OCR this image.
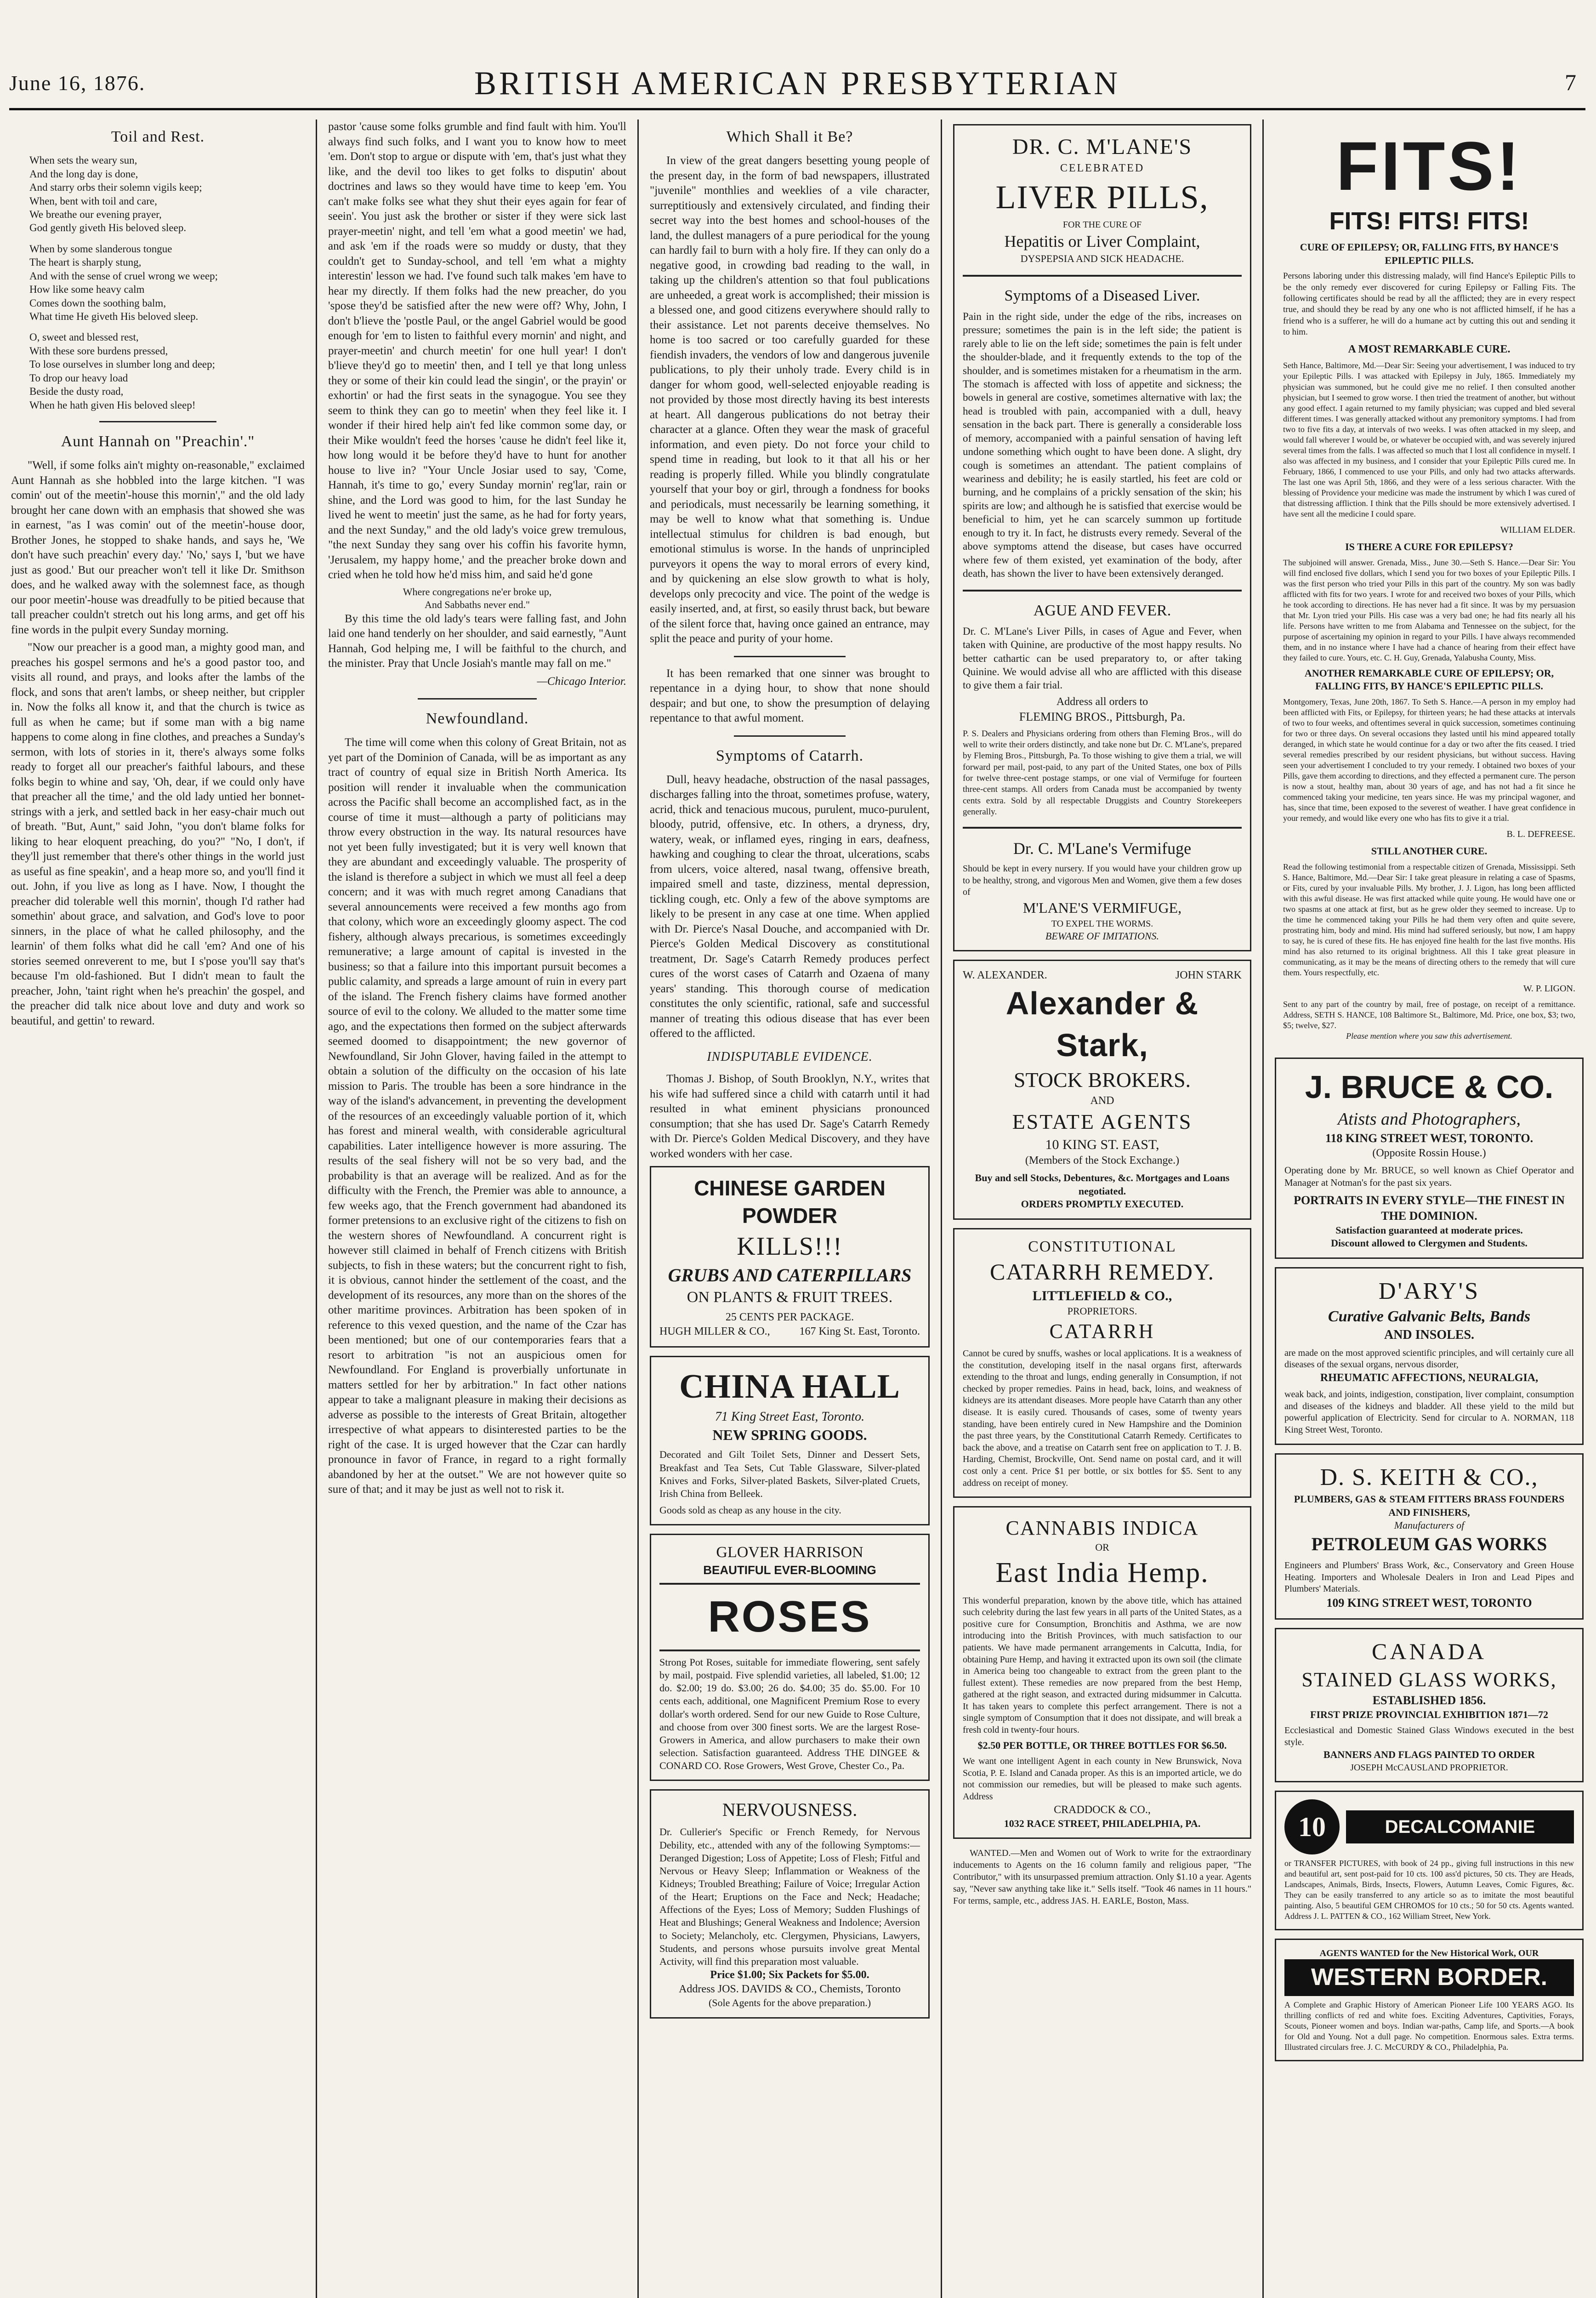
June 16, 1876.	BRITISH AMERICAN PRESBYTERIAN	7
Toil and Rest.

When sets the weary sun,

And the long day is done,

And starry orbs their solemn vigils keep;

When, bent with toil and care,

We breathe our evening prayer,

God gently giveth His beloved sleep.

When by some slanderous tongue

The heart is sharply stung,

And with the sense of cruel wrong we weep;

How like some heavy calm

Comes down the soothing balm,

What time He giveth His beloved sleep.

O, sweet and blessed rest,

With these sore burdens pressed,

To lose ourselves in slumber long and deep;

To drop our heavy load

Beside the dusty road,

When he hath given His beloved sleep!

Aunt Hannah on "Preachin'."

"Well, if some folks ain't mighty on-reasonable," exclaimed Aunt Hannah as she hobbled into the large kitchen. "I was comin' out of the meetin'-house this mornin'," and the old lady brought her cane down with an emphasis that showed she was in earnest, "as I was comin' out of the meetin'-house door, Brother Jones, he stopped to shake hands, and says he, 'We don't have such preachin' every day.' 'No,' says I, 'but we have just as good.' But our preacher won't tell it like Dr. Smithson does, and he walked away with the solemnest face, as though our poor meetin'-house was dreadfully to be pitied because that tall preacher couldn't stretch out his long arms, and get off his fine words in the pulpit every Sunday morning.

"Now our preacher is a good man, a mighty good man, and preaches his gospel sermons and he's a good pastor too, and visits all round, and prays, and looks after the lambs of the flock, and sons that aren't lambs, or sheep neither, but crippler in. Now the folks all know it, and that the church is twice as full as when he came; but if some man with a big name happens to come along in fine clothes, and preaches a Sunday's sermon, with lots of stories in it, there's always some folks ready to forget all our preacher's faithful labours, and these folks begin to whine and say, 'Oh, dear, if we could only have that preacher all the time,' and the old lady untied her bonnet-strings with a jerk, and settled back in her easy-chair much out of breath. "But, Aunt," said John, "you don't blame folks for liking to hear eloquent preaching, do you?" "No, I don't, if they'll just remember that there's other things in the world just as useful as fine speakin', and a heap more so, and you'll find it out. John, if you live as long as I have. Now, I thought the preacher did tolerable well this mornin', though I'd rather had somethin' about grace, and salvation, and God's love to poor sinners, in the place of what he called philosophy, and the learnin' of them folks what did he call 'em? And one of his stories seemed onreverent to me, but I s'pose you'll say that's because I'm old-fashioned. But I didn't mean to fault the preacher, John, 'taint right when he's preachin' the gospel, and the preacher did talk nice about love and duty and work so beautiful, and gettin' to reward.

pastor 'cause some folks grumble and find fault with him. You'll always find such folks, and I want you to know how to meet 'em. Don't stop to argue or dispute with 'em, that's just what they like, and the devil too likes to get folks to disputin' about doctrines and laws so they would have time to keep 'em. You can't make folks see what they shut their eyes again for fear of seein'. You just ask the brother or sister if they were sick last prayer-meetin' night, and tell 'em what a good meetin' we had, and ask 'em if the roads were so muddy or dusty, that they couldn't get to Sunday-school, and tell 'em what a mighty interestin' lesson we had. I've found such talk makes 'em have to hear my directly. If them folks had the new preacher, do you 'spose they'd be satisfied after the new were off? Why, John, I don't b'lieve the 'postle Paul, or the angel Gabriel would be good enough for 'em to listen to faithful every mornin' and night, and prayer-meetin' and church meetin' for one hull year! I don't b'lieve they'd go to meetin' then, and I tell ye that long unless they or some of their kin could lead the singin', or the prayin' or exhortin' or had the first seats in the synagogue. You see they seem to think they can go to meetin' when they feel like it. I wonder if their hired help ain't fed like common some day, or their Mike wouldn't feed the horses 'cause he didn't feel like it, how long would it be before they'd have to hunt for another house to live in? "Your Uncle Josiar used to say, 'Come, Hannah, it's time to go,' every Sunday mornin' reg'lar, rain or shine, and the Lord was good to him, for the last Sunday he lived he went to meetin' just the same, as he had for forty years, and the next Sunday," and the old lady's voice grew tremulous, "the next Sunday they sang over his coffin his favorite hymn, 'Jerusalem, my happy home,' and the preacher broke down and cried when he told how he'd miss him, and said he'd gone

Where congregations ne'er broke up,

And Sabbaths never end."

By this time the old lady's tears were falling fast, and John laid one hand tenderly on her shoulder, and said earnestly, "Aunt Hannah, God helping me, I will be faithful to the church, and the minister. Pray that Uncle Josiah's mantle may fall on me."

—Chicago Interior.

Newfoundland.

The time will come when this colony of Great Britain, not as yet part of the Dominion of Canada, will be as important as any tract of country of equal size in British North America. Its position will render it invaluable when the communication across the Pacific shall become an accomplished fact, as in the course of time it must—although a party of politicians may throw every obstruction in the way. Its natural resources have not yet been fully investigated; but it is very well known that they are abundant and exceedingly valuable. The prosperity of the island is therefore a subject in which we must all feel a deep concern; and it was with much regret among Canadians that several announcements were received a few months ago from that colony, which wore an exceedingly gloomy aspect. The cod fishery, although always precarious, is sometimes exceedingly remunerative; a large amount of capital is invested in the business; so that a failure into this important pursuit becomes a public calamity, and spreads a large amount of ruin in every part of the island. The French fishery claims have formed another source of evil to the colony. We alluded to the matter some time ago, and the expectations then formed on the subject afterwards seemed doomed to disappointment; the new governor of Newfoundland, Sir John Glover, having failed in the attempt to obtain a solution of the difficulty on the occasion of his late mission to Paris. The trouble has been a sore hindrance in the way of the island's advancement, in preventing the development of the resources of an exceedingly valuable portion of it, which has forest and mineral wealth, with considerable agricultural capabilities. Later intelligence however is more assuring. The results of the seal fishery will not be so very bad, and the probability is that an average will be realized. And as for the difficulty with the French, the Premier was able to announce, a few weeks ago, that the French government had abandoned its former pretensions to an exclusive right of the citizens to fish on the western shores of Newfoundland. A concurrent right is however still claimed in behalf of French citizens with British subjects, to fish in these waters; but the concurrent right to fish, it is obvious, cannot hinder the settlement of the coast, and the development of its resources, any more than on the shores of the other maritime provinces. Arbitration has been spoken of in reference to this vexed question, and the name of the Czar has been mentioned; but one of our contemporaries fears that a resort to arbitration "is not an auspicious omen for Newfoundland. For England is proverbially unfortunate in matters settled for her by arbitration." In fact other nations appear to take a malignant pleasure in making their decisions as adverse as possible to the interests of Great Britain, altogether irrespective of what appears to disinterested parties to be the right of the case. It is urged however that the Czar can hardly pronounce in favor of France, in regard to a right formally abandoned by her at the outset." We are not however quite so sure of that; and it may be just as well not to risk it.

Which Shall it Be?

In view of the great dangers besetting young people of the present day, in the form of bad newspapers, illustrated "juvenile" monthlies and weeklies of a vile character, surreptitiously and extensively circulated, and finding their secret way into the best homes and school-houses of the land, the dullest managers of a pure periodical for the young can hardly fail to burn with a holy fire. If they can only do a negative good, in crowding bad reading to the wall, in taking up the children's attention so that foul publications are unheeded, a great work is accomplished; their mission is a blessed one, and good citizens everywhere should rally to their assistance. Let not parents deceive themselves. No home is too sacred or too carefully guarded for these fiendish invaders, the vendors of low and dangerous juvenile publications, to ply their unholy trade. Every child is in danger for whom good, well-selected enjoyable reading is not provided by those most directly having its best interests at heart. All dangerous publications do not betray their character at a glance. Often they wear the mask of graceful information, and even piety. Do not force your child to spend time in reading, but look to it that all his or her reading is properly filled. While you blindly congratulate yourself that your boy or girl, through a fondness for books and periodicals, must necessarily be learning something, it may be well to know what that something is. Undue intellectual stimulus for children is bad enough, but emotional stimulus is worse. In the hands of unprincipled purveyors it opens the way to moral errors of every kind, and by quickening an else slow growth to what is holy, develops only precocity and vice. The point of the wedge is easily inserted, and, at first, so easily thrust back, but beware of the silent force that, having once gained an entrance, may split the peace and purity of your home.

It has been remarked that one sinner was brought to repentance in a dying hour, to show that none should despair; and but one, to show the presumption of delaying repentance to that awful moment.

Symptoms of Catarrh.

Dull, heavy headache, obstruction of the nasal passages, discharges falling into the throat, sometimes profuse, watery, acrid, thick and tenacious mucous, purulent, muco-purulent, bloody, putrid, offensive, etc. In others, a dryness, dry, watery, weak, or inflamed eyes, ringing in ears, deafness, hawking and coughing to clear the throat, ulcerations, scabs from ulcers, voice altered, nasal twang, offensive breath, impaired smell and taste, dizziness, mental depression, tickling cough, etc. Only a few of the above symptoms are likely to be present in any case at one time. When applied with Dr. Pierce's Nasal Douche, and accompanied with Dr. Pierce's Golden Medical Discovery as constitutional treatment, Dr. Sage's Catarrh Remedy produces perfect cures of the worst cases of Catarrh and Ozaena of many years' standing. This thorough course of medication constitutes the only scientific, rational, safe and successful manner of treating this odious disease that has ever been offered to the afflicted.

INDISPUTABLE EVIDENCE.

Thomas J. Bishop, of South Brooklyn, N.Y., writes that his wife had suffered since a child with catarrh until it had resulted in what eminent physicians pronounced consumption; that she has used Dr. Sage's Catarrh Remedy with Dr. Pierce's Golden Medical Discovery, and they have worked wonders with her case.

CHINESE GARDEN POWDER
KILLS!!!
GRUBS AND CATERPILLARS
ON PLANTS & FRUIT TREES.
25 CENTS PER PACKAGE.
HUGH MILLER & CO.,	167 King St. East, Toronto.
CHINA HALL
71 King Street East, Toronto.
NEW SPRING GOODS.
Decorated and Gilt Toilet Sets, Dinner and Dessert Sets, Breakfast and Tea Sets, Cut Table Glassware, Silver-plated Knives and Forks, Silver-plated Baskets, Silver-plated Cruets, Irish China from Belleek.
Goods sold as cheap as any house in the city.
GLOVER HARRISON
BEAUTIFUL EVER-BLOOMING
ROSES
Strong Pot Roses, suitable for immediate flowering, sent safely by mail, postpaid. Five splendid varieties, all labeled, $1.00; 12 do. $2.00; 19 do. $3.00; 26 do. $4.00; 35 do. $5.00. For 10 cents each, additional, one Magnificent Premium Rose to every dollar's worth ordered. Send for our new Guide to Rose Culture, and choose from over 300 finest sorts. We are the largest Rose-Growers in America, and allow purchasers to make their own selection. Satisfaction guaranteed. Address THE DINGEE & CONARD CO. Rose Growers, West Grove, Chester Co., Pa.
NERVOUSNESS.
Dr. Cullerier's Specific or French Remedy, for Nervous Debility, etc., attended with any of the following Symptoms:—Deranged Digestion; Loss of Appetite; Loss of Flesh; Fitful and Nervous or Heavy Sleep; Inflammation or Weakness of the Kidneys; Troubled Breathing; Failure of Voice; Irregular Action of the Heart; Eruptions on the Face and Neck; Headache; Affections of the Eyes; Loss of Memory; Sudden Flushings of Heat and Blushings; General Weakness and Indolence; Aversion to Society; Melancholy, etc. Clergymen, Physicians, Lawyers, Students, and persons whose pursuits involve great Mental Activity, will find this preparation most valuable.
Price $1.00; Six Packets for $5.00.
Address JOS. DAVIDS & CO., Chemists, Toronto
(Sole Agents for the above preparation.)
DR. C. M'LANE'S
CELEBRATED
LIVER PILLS,
FOR THE CURE OF
Hepatitis or Liver Complaint,
DYSPEPSIA AND SICK HEADACHE.
Symptoms of a Diseased Liver.
Pain in the right side, under the edge of the ribs, increases on pressure; sometimes the pain is in the left side; the patient is rarely able to lie on the left side; sometimes the pain is felt under the shoulder-blade, and it frequently extends to the top of the shoulder, and is sometimes mistaken for a rheumatism in the arm. The stomach is affected with loss of appetite and sickness; the bowels in general are costive, sometimes alternative with lax; the head is troubled with pain, accompanied with a dull, heavy sensation in the back part. There is generally a considerable loss of memory, accompanied with a painful sensation of having left undone something which ought to have been done. A slight, dry cough is sometimes an attendant. The patient complains of weariness and debility; he is easily startled, his feet are cold or burning, and he complains of a prickly sensation of the skin; his spirits are low; and although he is satisfied that exercise would be beneficial to him, yet he can scarcely summon up fortitude enough to try it. In fact, he distrusts every remedy. Several of the above symptoms attend the disease, but cases have occurred where few of them existed, yet examination of the body, after death, has shown the liver to have been extensively deranged.
AGUE AND FEVER.
Dr. C. M'Lane's Liver Pills, in cases of Ague and Fever, when taken with Quinine, are productive of the most happy results. No better cathartic can be used preparatory to, or after taking Quinine. We would advise all who are afflicted with this disease to give them a fair trial.
Address all orders to
FLEMING BROS., Pittsburgh, Pa.
P. S. Dealers and Physicians ordering from others than Fleming Bros., will do well to write their orders distinctly, and take none but Dr. C. M'Lane's, prepared by Fleming Bros., Pittsburgh, Pa. To those wishing to give them a trial, we will forward per mail, post-paid, to any part of the United States, one box of Pills for twelve three-cent postage stamps, or one vial of Vermifuge for fourteen three-cent stamps. All orders from Canada must be accompanied by twenty cents extra. Sold by all respectable Druggists and Country Storekeepers generally.
Dr. C. M'Lane's Vermifuge
Should be kept in every nursery. If you would have your children grow up to be healthy, strong, and vigorous Men and Women, give them a few doses of
M'LANE'S VERMIFUGE,
TO EXPEL THE WORMS.
BEWARE OF IMITATIONS.
W. ALEXANDER.	JOHN STARK
Alexander & Stark,
STOCK BROKERS.
AND
ESTATE AGENTS
10 KING ST. EAST,
(Members of the Stock Exchange.)
Buy and sell Stocks, Debentures, &c. Mortgages and Loans negotiated.
ORDERS PROMPTLY EXECUTED.
CONSTITUTIONAL
CATARRH REMEDY.
LITTLEFIELD & CO.,
PROPRIETORS.
CATARRH
Cannot be cured by snuffs, washes or local applications. It is a weakness of the constitution, developing itself in the nasal organs first, afterwards extending to the throat and lungs, ending generally in Consumption, if not checked by proper remedies. Pains in head, back, loins, and weakness of kidneys are its attendant diseases. More people have Catarrh than any other disease. It is easily cured. Thousands of cases, some of twenty years standing, have been entirely cured in New Hampshire and the Dominion the past three years, by the Constitutional Catarrh Remedy. Certificates to back the above, and a treatise on Catarrh sent free on application to T. J. B. Harding, Chemist, Brockville, Ont. Send name on postal card, and it will cost only a cent. Price $1 per bottle, or six bottles for $5. Sent to any address on receipt of money.
CANNABIS INDICA
OR
East India Hemp.
This wonderful preparation, known by the above title, which has attained such celebrity during the last few years in all parts of the United States, as a positive cure for Consumption, Bronchitis and Asthma, we are now introducing into the British Provinces, with much satisfaction to our patients. We have made permanent arrangements in Calcutta, India, for obtaining Pure Hemp, and having it extracted upon its own soil (the climate in America being too changeable to extract from the green plant to the fullest extent). These remedies are now prepared from the best Hemp, gathered at the right season, and extracted during midsummer in Calcutta. It has taken years to complete this perfect arrangement. There is not a single symptom of Consumption that it does not dissipate, and will break a fresh cold in twenty-four hours.
$2.50 PER BOTTLE, OR THREE BOTTLES FOR $6.50.
We want one intelligent Agent in each county in New Brunswick, Nova Scotia, P. E. Island and Canada proper. As this is an imported article, we do not commission our remedies, but will be pleased to make such agents. Address
CRADDOCK & CO.,
1032 RACE STREET, PHILADELPHIA, PA.

WANTED.—Men and Women out of Work to write for the extraordinary inducements to Agents on the 16 column family and religious paper, "The Contributor," with its unsurpassed premium attraction. Only $1.10 a year. Agents say, "Never saw anything take like it." Sells itself. "Took 46 names in 11 hours." For terms, sample, etc., address JAS. H. EARLE, Boston, Mass.

FITS!
FITS! FITS! FITS!
CURE OF EPILEPSY; OR, FALLING FITS, BY HANCE'S EPILEPTIC PILLS.
Persons laboring under this distressing malady, will find Hance's Epileptic Pills to be the only remedy ever discovered for curing Epilepsy or Falling Fits. The following certificates should be read by all the afflicted; they are in every respect true, and should they be read by any one who is not afflicted himself, if he has a friend who is a sufferer, he will do a humane act by cutting this out and sending it to him.
A MOST REMARKABLE CURE.
Seth Hance, Baltimore, Md.—Dear Sir: Seeing your advertisement, I was induced to try your Epileptic Pills. I was attacked with Epilepsy in July, 1865. Immediately my physician was summoned, but he could give me no relief. I then consulted another physician, but I seemed to grow worse. I then tried the treatment of another, but without any good effect. I again returned to my family physician; was cupped and bled several different times. I was generally attacked without any premonitory symptoms. I had from two to five fits a day, at intervals of two weeks. I was often attacked in my sleep, and would fall wherever I would be, or whatever be occupied with, and was severely injured several times from the falls. I was affected so much that I lost all confidence in myself. I also was affected in my business, and I consider that your Epileptic Pills cured me. In February, 1866, I commenced to use your Pills, and only had two attacks afterwards. The last one was April 5th, 1866, and they were of a less serious character. With the blessing of Providence your medicine was made the instrument by which I was cured of that distressing affliction. I think that the Pills should be more extensively advertised. I have sent all the medicine I could spare.
WILLIAM ELDER.
IS THERE A CURE FOR EPILEPSY?
The subjoined will answer. Grenada, Miss., June 30.—Seth S. Hance.—Dear Sir: You will find enclosed five dollars, which I send you for two boxes of your Epileptic Pills. I was the first person who tried your Pills in this part of the country. My son was badly afflicted with fits for two years. I wrote for and received two boxes of your Pills, which he took according to directions. He has never had a fit since. It was by my persuasion that Mr. Lyon tried your Pills. His case was a very bad one; he had fits nearly all his life. Persons have written to me from Alabama and Tennessee on the subject, for the purpose of ascertaining my opinion in regard to your Pills. I have always recommended them, and in no instance where I have had a chance of hearing from their effect have they failed to cure. Yours, etc. C. H. Guy, Grenada, Yalabusha County, Miss.
ANOTHER REMARKABLE CURE OF EPILEPSY; OR, FALLING FITS, BY HANCE'S EPILEPTIC PILLS.
Montgomery, Texas, June 20th, 1867. To Seth S. Hance.—A person in my employ had been afflicted with Fits, or Epilepsy, for thirteen years; he had these attacks at intervals of two to four weeks, and oftentimes several in quick succession, sometimes continuing for two or three days. On several occasions they lasted until his mind appeared totally deranged, in which state he would continue for a day or two after the fits ceased. I tried several remedies prescribed by our resident physicians, but without success. Having seen your advertisement I concluded to try your remedy. I obtained two boxes of your Pills, gave them according to directions, and they effected a permanent cure. The person is now a stout, healthy man, about 30 years of age, and has not had a fit since he commenced taking your medicine, ten years since. He was my principal wagoner, and has, since that time, been exposed to the severest of weather. I have great confidence in your remedy, and would like every one who has fits to give it a trial.
B. L. DEFREESE.
STILL ANOTHER CURE.
Read the following testimonial from a respectable citizen of Grenada, Mississippi. Seth S. Hance, Baltimore, Md.—Dear Sir: I take great pleasure in relating a case of Spasms, or Fits, cured by your invaluable Pills. My brother, J. J. Ligon, has long been afflicted with this awful disease. He was first attacked while quite young. He would have one or two spasms at one attack at first, but as he grew older they seemed to increase. Up to the time he commenced taking your Pills he had them very often and quite severe, prostrating him, body and mind. His mind had suffered seriously, but now, I am happy to say, he is cured of these fits. He has enjoyed fine health for the last five months. His mind has also returned to its original brightness. All this I take great pleasure in communicating, as it may be the means of directing others to the remedy that will cure them. Yours respectfully, etc.
W. P. LIGON.
Sent to any part of the country by mail, free of postage, on receipt of a remittance. Address, SETH S. HANCE, 108 Baltimore St., Baltimore, Md. Price, one box, $3; two, $5; twelve, $27.
Please mention where you saw this advertisement.
J. BRUCE & CO.
Atists and Photographers,
118 KING STREET WEST, TORONTO.
(Opposite Rossin House.)
Operating done by Mr. BRUCE, so well known as Chief Operator and Manager at Notman's for the past six years.
PORTRAITS IN EVERY STYLE—THE FINEST IN THE DOMINION.
Satisfaction guaranteed at moderate prices.
Discount allowed to Clergymen and Students.
D'ARY'S
Curative Galvanic Belts, Bands
AND INSOLES.
are made on the most approved scientific principles, and will certainly cure all diseases of the sexual organs, nervous disorder,
RHEUMATIC AFFECTIONS, NEURALGIA,
weak back, and joints, indigestion, constipation, liver complaint, consumption and diseases of the kidneys and bladder. All these yield to the mild but powerful application of Electricity. Send for circular to A. NORMAN, 118 King Street West, Toronto.
D. S. KEITH & CO.,
PLUMBERS, GAS & STEAM FITTERS BRASS FOUNDERS AND FINISHERS,
Manufacturers of
PETROLEUM GAS WORKS
Engineers and Plumbers' Brass Work, &c., Conservatory and Green House Heating. Importers and Wholesale Dealers in Iron and Lead Pipes and Plumbers' Materials.
109 KING STREET WEST, TORONTO
CANADA
STAINED GLASS WORKS,
ESTABLISHED 1856.
FIRST PRIZE PROVINCIAL EXHIBITION 1871—72
Ecclesiastical and Domestic Stained Glass Windows executed in the best style.
BANNERS AND FLAGS PAINTED TO ORDER
JOSEPH McCAUSLAND PROPRIETOR.
10	DECALCOMANIE
or TRANSFER PICTURES, with book of 24 pp., giving full instructions in this new and beautiful art, sent post-paid for 10 cts. 100 ass'd pictures, 50 cts. They are Heads, Landscapes, Animals, Birds, Insects, Flowers, Autumn Leaves, Comic Figures, &c. They can be easily transferred to any article so as to imitate the most beautiful painting. Also, 5 beautiful GEM CHROMOS for 10 cts.; 50 for 50 cts. Agents wanted. Address J. L. PATTEN & CO., 162 William Street, New York.
AGENTS WANTED for the New Historical Work, OUR
WESTERN BORDER.
A Complete and Graphic History of American Pioneer Life 100 YEARS AGO. Its thrilling conflicts of red and white foes. Exciting Adventures, Captivities, Forays, Scouts, Pioneer women and boys. Indian war-paths, Camp life, and Sports.—A book for Old and Young. Not a dull page. No competition. Enormous sales. Extra terms. Illustrated circulars free. J. C. McCURDY & CO., Philadelphia, Pa.
